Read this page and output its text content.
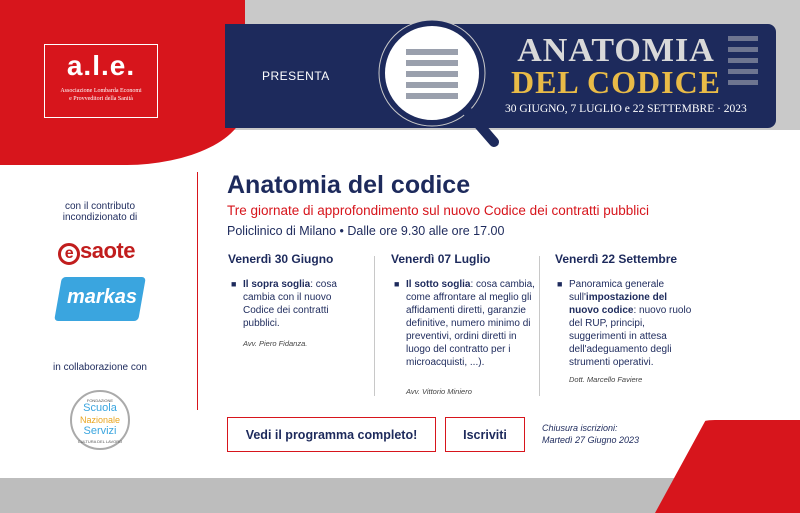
a.l.e.
Associazione Lombarda Economi
e Provveditori della Sanità
PRESENTA
ANATOMIA
DEL CODICE
30 GIUGNO, 7 LUGLIO e 22 SETTEMBRE · 2023
con il contributo
incondizionato di
e saote
markas
in collaborazione con
FONDAZIONE
Scuola
Nazionale
Servizi
CULTURA DEL LAVORO
Anatomia del codice
Tre giornate di approfondimento sul nuovo Codice dei contratti pubblici
Policlinico di Milano • Dalle ore 9.30 alle ore 17.00
Venerdì 30 Giugno
■ Il sopra soglia: cosa cambia con il nuovo Codice dei contratti pubblici.
Avv. Piero Fidanza.
Venerdì 07 Luglio
■ Il sotto soglia: cosa cambia, come affrontare al meglio gli affidamenti diretti, garanzie definitive, numero minimo di preventivi, ordini diretti in luogo del contratto per i microacquisti, ...).
Avv. Vittorio Miniero
Venerdì 22 Settembre
■ Panoramica generale sull'impostazione del nuovo codice: nuovo ruolo del RUP, principi, suggerimenti in attesa dell'adeguamento degli strumenti operativi.
Dott. Marcello Faviere
Vedi il programma completo!	Iscriviti	Chiusura iscrizioni:
Martedì 27 Giugno 2023
